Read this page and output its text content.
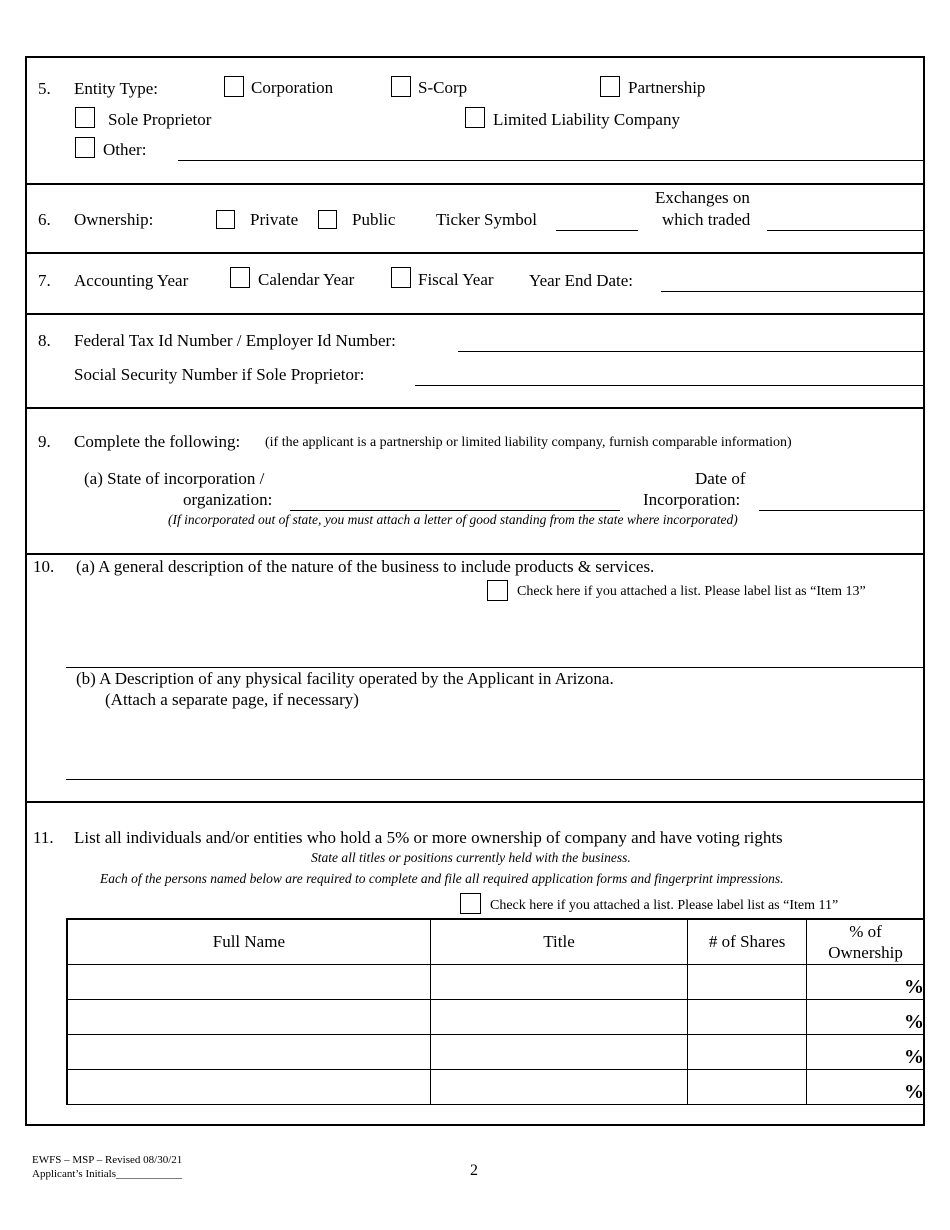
5. Entity Type:	Corporation	S-Corp	Partnership
Sole Proprietor	Limited Liability Company
Other:
6. Ownership:	Private	Public Ticker Symbol
Exchanges on
which traded
7. Accounting Year	Calendar Year	Fiscal Year Year End Date:
8. Federal Tax Id Number / Employer Id Number:
Social Security Number if Sole Proprietor:
9. Complete the following: (if the applicant is a partnership or limited liability company, furnish comparable information)
(a) State of incorporation /
organization:
Date of
Incorporation:
(If incorporated out of state, you must attach a letter of good standing from the state where incorporated)
10. (a) A general description of the nature of the business to include products & services.
Check here if you attached a list. Please label list as “Item 13”
(b) A Description of any physical facility operated by the Applicant in Arizona.
(Attach a separate page, if necessary)
11. List all individuals and/or entities who hold a 5% or more ownership of company and have voting rights
State all titles or positions currently held with the business.
Each of the persons named below are required to complete and file all required application forms and fingerprint impressions.
Check here if you attached a list. Please label list as “Item 11”
Full Name	Title	# of Shares	% of
Ownership
			%
			%
			%
			%
EWFS – MSP – Revised 08/30/21
Applicant’s Initials____________	2
